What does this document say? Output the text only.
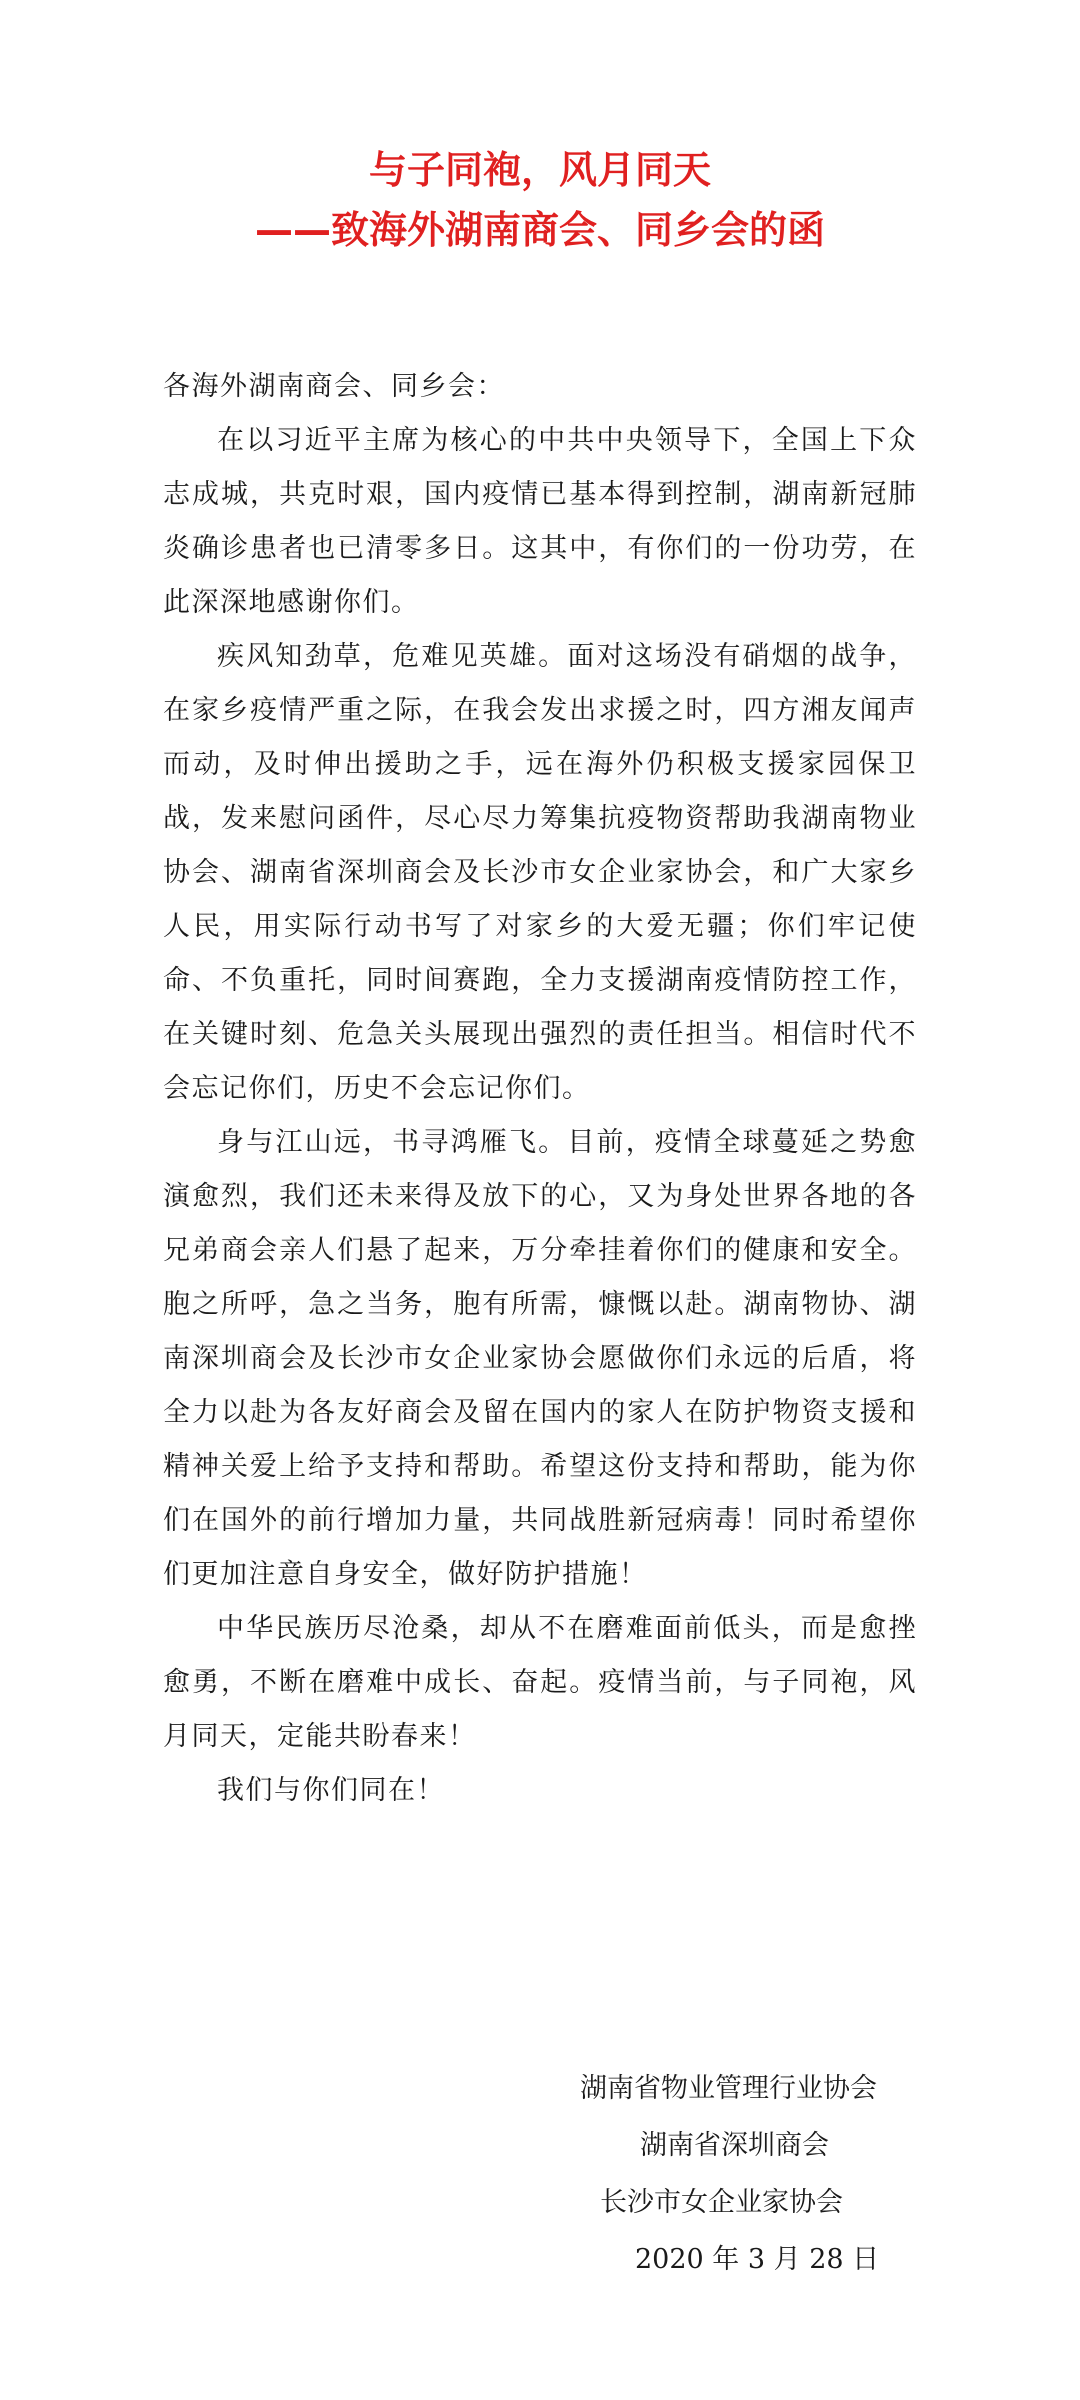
与子同袍，风月同天
——致海外湖南商会、同乡会的函

各海外湖南商会、同乡会：

在以习近平主席为核心的中共中央领导下，全国上下众志成城，共克时艰，国内疫情已基本得到控制，湖南新冠肺炎确诊患者也已清零多日。这其中，有你们的一份功劳，在此深深地感谢你们。

疾风知劲草，危难见英雄。面对这场没有硝烟的战争，在家乡疫情严重之际，在我会发出求援之时，四方湘友闻声而动，及时伸出援助之手，远在海外仍积极支援家园保卫战，发来慰问函件，尽心尽力筹集抗疫物资帮助我湖南物业协会、湖南省深圳商会及长沙市女企业家协会，和广大家乡人民，用实际行动书写了对家乡的大爱无疆；你们牢记使命、不负重托，同时间赛跑，全力支援湖南疫情防控工作，在关键时刻、危急关头展现出强烈的责任担当。相信时代不会忘记你们，历史不会忘记你们。

身与江山远，书寻鸿雁飞。目前，疫情全球蔓延之势愈演愈烈，我们还未来得及放下的心，又为身处世界各地的各兄弟商会亲人们悬了起来，万分牵挂着你们的健康和安全。胞之所呼，急之当务，胞有所需，慷慨以赴。湖南物协、湖南深圳商会及长沙市女企业家协会愿做你们永远的后盾，将全力以赴为各友好商会及留在国内的家人在防护物资支援和精神关爱上给予支持和帮助。希望这份支持和帮助，能为你们在国外的前行增加力量，共同战胜新冠病毒！同时希望你们更加注意自身安全，做好防护措施！

中华民族历尽沧桑，却从不在磨难面前低头，而是愈挫愈勇，不断在磨难中成长、奋起。疫情当前，与子同袍，风月同天，定能共盼春来！

我们与你们同在！

湖南省物业管理行业协会
湖南省深圳商会
长沙市女企业家协会
2020 年 3 月 28 日
